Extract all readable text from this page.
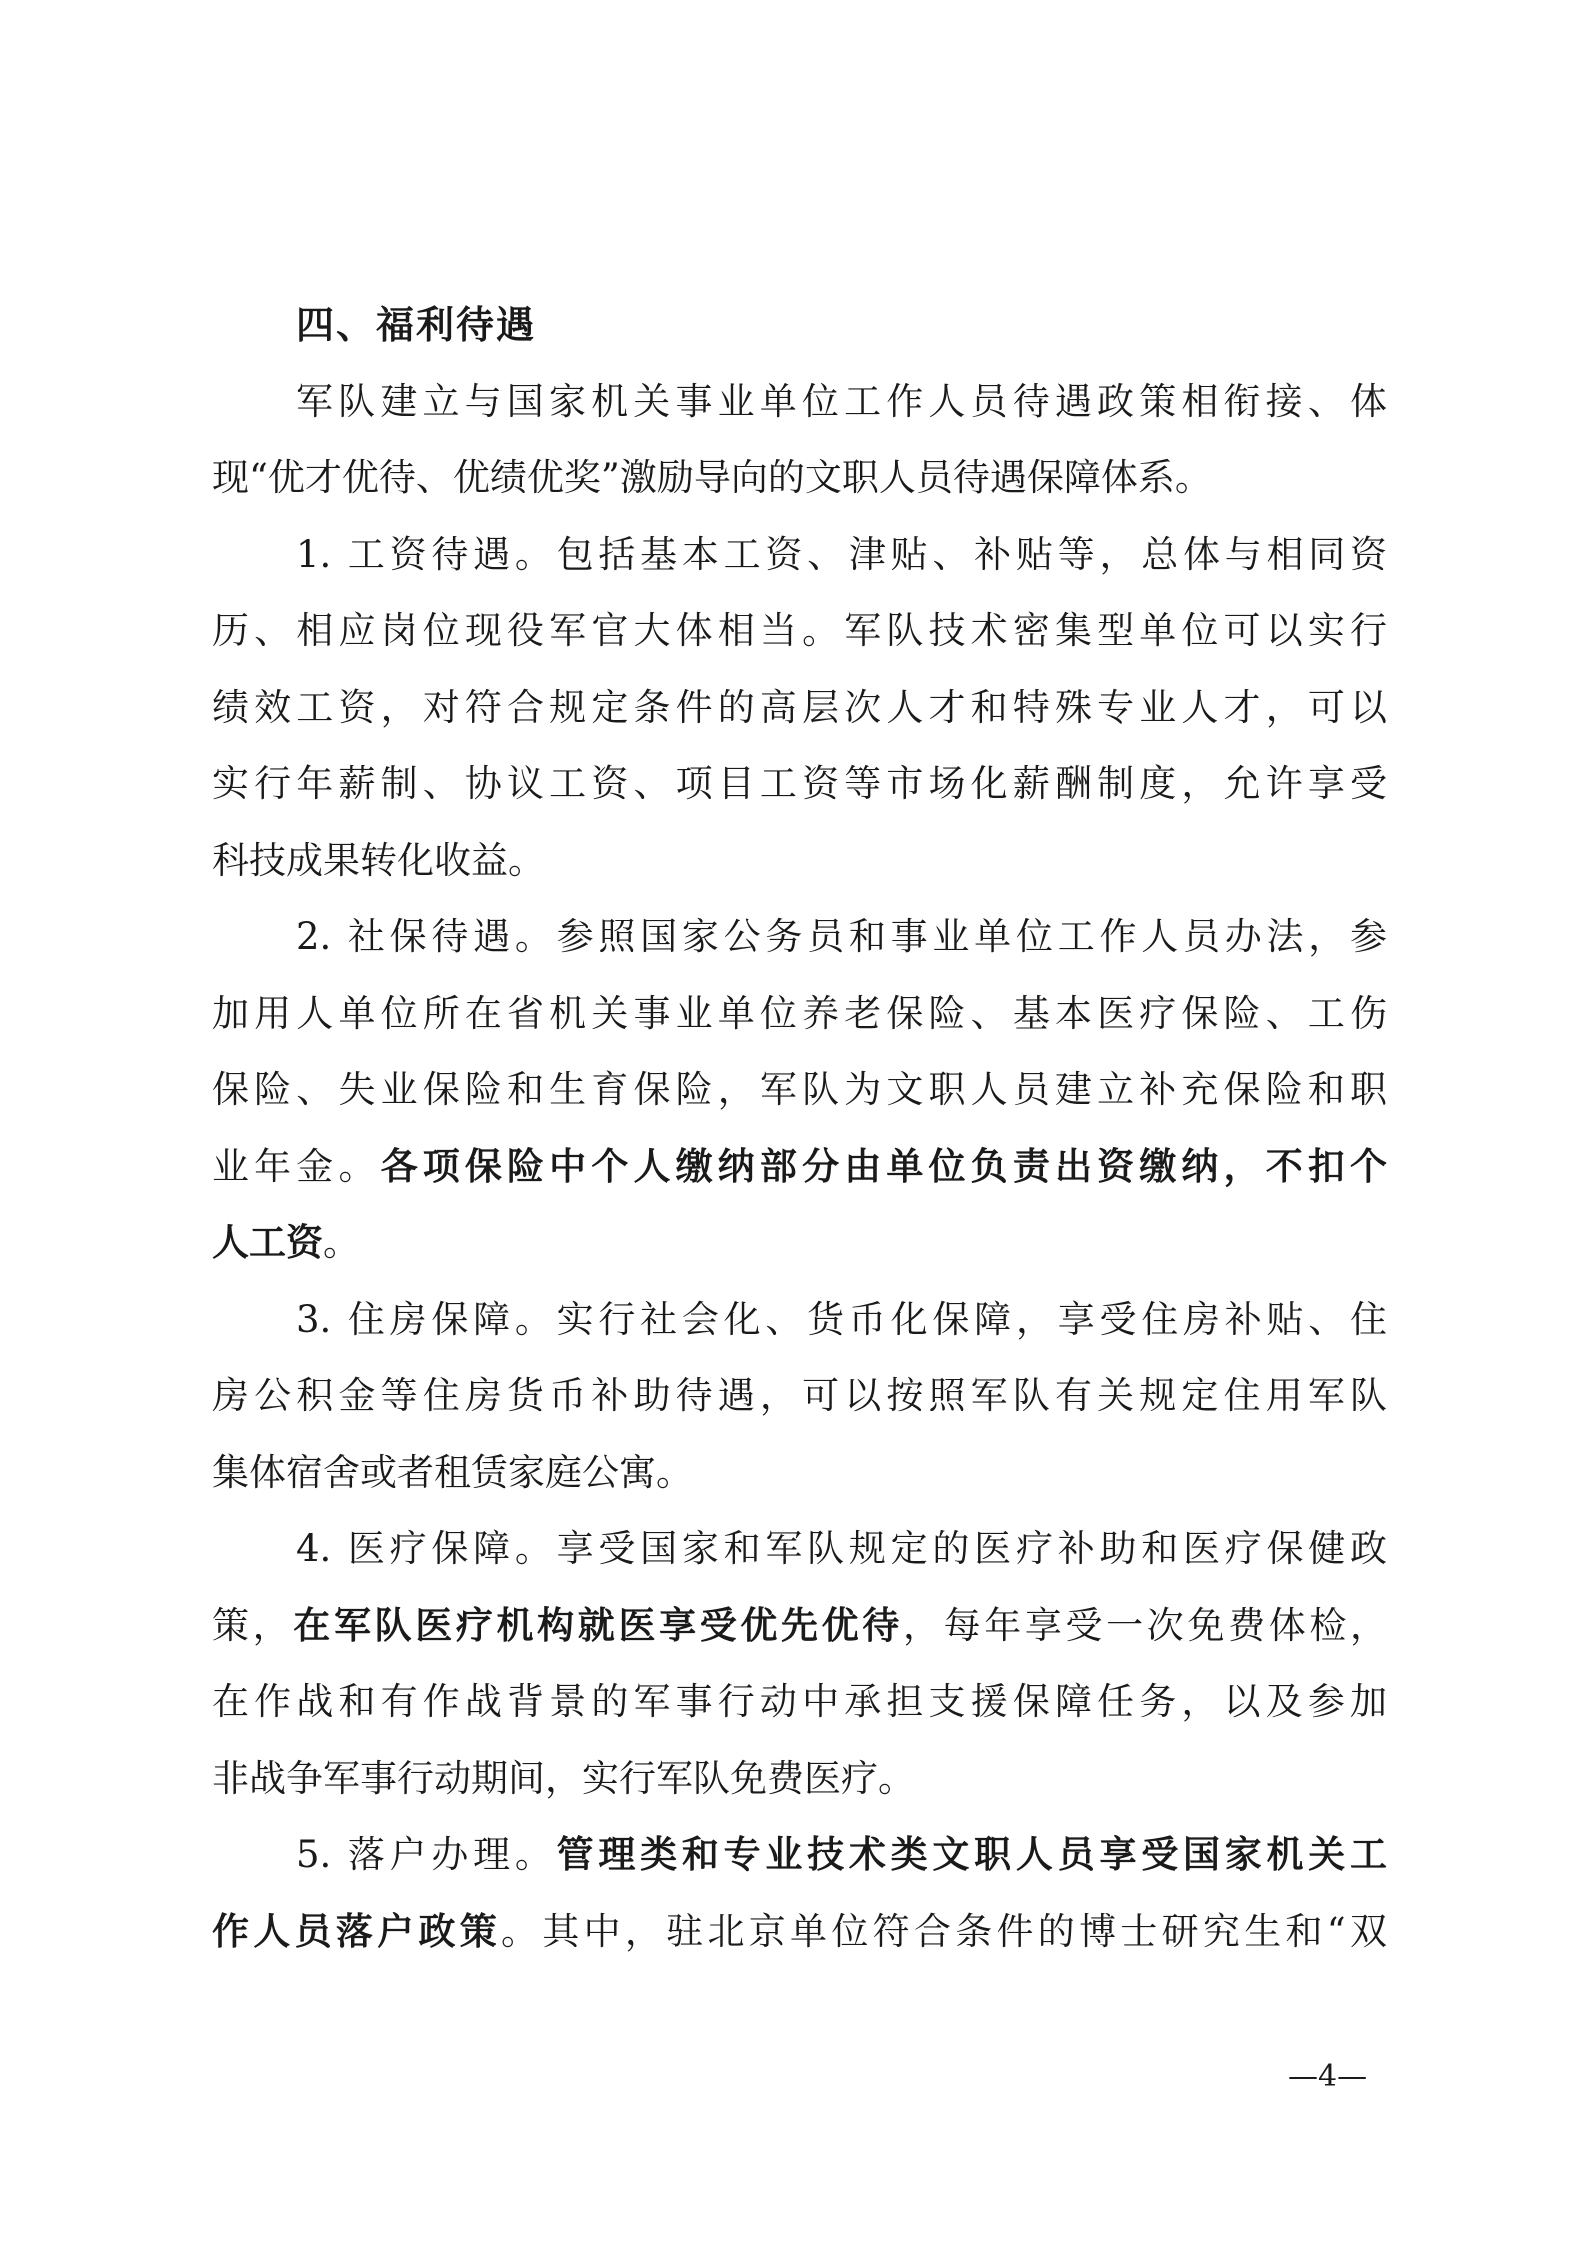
四、福利待遇
军队建立与国家机关事业单位工作人员待遇政策相衔接、体
现“优才优待、优绩优奖”激励导向的文职人员待遇保障体系。
1. 工资待遇。包括基本工资、津贴、补贴等，总体与相同资
历、相应岗位现役军官大体相当。军队技术密集型单位可以实行
绩效工资，对符合规定条件的高层次人才和特殊专业人才，可以
实行年薪制、协议工资、项目工资等市场化薪酬制度，允许享受
科技成果转化收益。
2. 社保待遇。参照国家公务员和事业单位工作人员办法，参
加用人单位所在省机关事业单位养老保险、基本医疗保险、工伤
保险、失业保险和生育保险，军队为文职人员建立补充保险和职
业年金。各项保险中个人缴纳部分由单位负责出资缴纳，不扣个
人工资。
3. 住房保障。实行社会化、货币化保障，享受住房补贴、住
房公积金等住房货币补助待遇，可以按照军队有关规定住用军队
集体宿舍或者租赁家庭公寓。
4. 医疗保障。享受国家和军队规定的医疗补助和医疗保健政
策，在军队医疗机构就医享受优先优待，每年享受一次免费体检，
在作战和有作战背景的军事行动中承担支援保障任务，以及参加
非战争军事行动期间，实行军队免费医疗。
5. 落户办理。管理类和专业技术类文职人员享受国家机关工
作人员落户政策。其中，驻北京单位符合条件的博士研究生和“双
—4—
